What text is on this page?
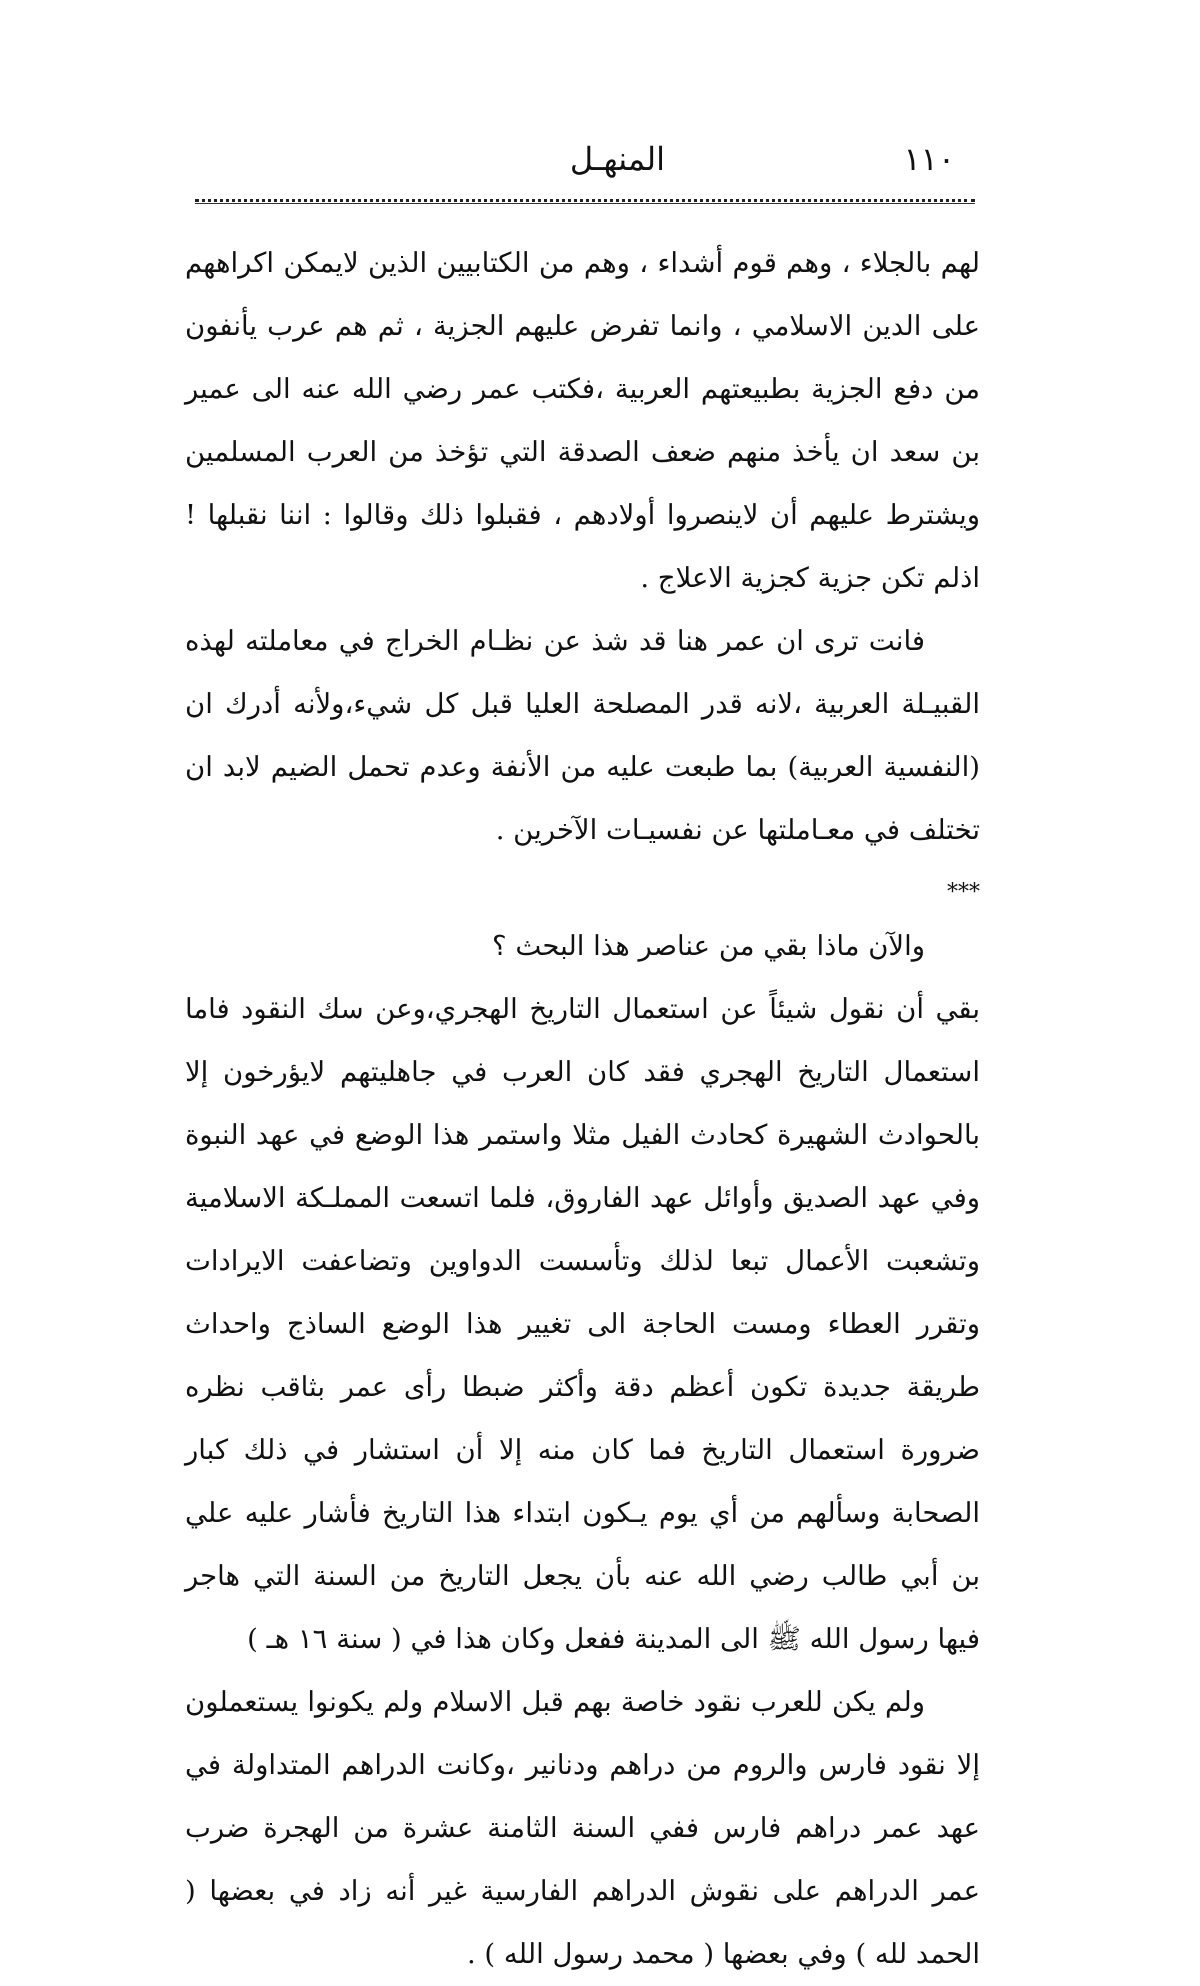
١١٠
المنهـل

لهم بالجلاء ، وهم قوم أشداء ، وهم من الكتابيين الذين لايمكن اكراههم على الدين الاسلامي ، وانما تفرض عليهم الجزية ، ثم هم عرب يأنفون من دفع الجزية بطبيعتهم العربية ،فكتب عمر رضي الله عنه الى عمير بن سعد ان يأخذ منهم ضعف الصدقة التي تؤخذ من العرب المسلمين ويشترط عليهم أن لاينصروا أولادهم ، فقبلوا ذلك وقالوا : اننا نقبلها ! اذلم تكن جزية كجزية الاعلاج .

فانت ترى ان عمر هنا قد شذ عن نظـام الخراج في معاملته لهذه القبيـلة العربية ،لانه قدر المصلحة العليا قبل كل شيء،ولأنه أدرك ان (النفسية العربية) بما طبعت عليه من الأنفة وعدم تحمل الضيم لابد ان تختلف في معـاملتها عن نفسيـات الآخرين .

***

والآن ماذا بقي من عناصر هذا البحث ؟

بقي أن نقول شيئاً عن استعمال التاريخ الهجري،وعن سك النقود فاما استعمال التاريخ الهجري فقد كان العرب في جاهليتهم لايؤرخون إلا بالحوادث الشهيرة كحادث الفيل مثلا واستمر هذا الوضع في عهد النبوة وفي عهد الصديق وأوائل عهد الفاروق، فلما اتسعت المملـكة الاسلامية وتشعبت الأعمال تبعا لذلك وتأسست الدواوين وتضاعفت الايرادات وتقرر العطاء ومست الحاجة الى تغيير هذا الوضع الساذج واحداث طريقة جديدة تكون أعظم دقة وأكثر ضبطا رأى عمر بثاقب نظره ضرورة استعمال التاريخ فما كان منه إلا أن استشار في ذلك كبار الصحابة وسألهم من أي يوم يـكون ابتداء هذا التاريخ فأشار عليه علي بن أبي طالب رضي الله عنه بأن يجعل التاريخ من السنة التي هاجر فيها رسول الله ﷺ الى المدينة ففعل وكان هذا في ( سنة ١٦ هـ )

ولم يكن للعرب نقود خاصة بهم قبل الاسلام ولم يكونوا يستعملون إلا نقود فارس والروم من دراهم ودنانير ،وكانت الدراهم المتداولة في عهد عمر دراهم فارس ففي السنة الثامنة عشرة من الهجرة ضرب عمر الدراهم على نقوش الدراهم الفارسية غير أنه زاد في بعضها ( الحمد لله ) وفي بعضها ( محمد رسول الله ) .
